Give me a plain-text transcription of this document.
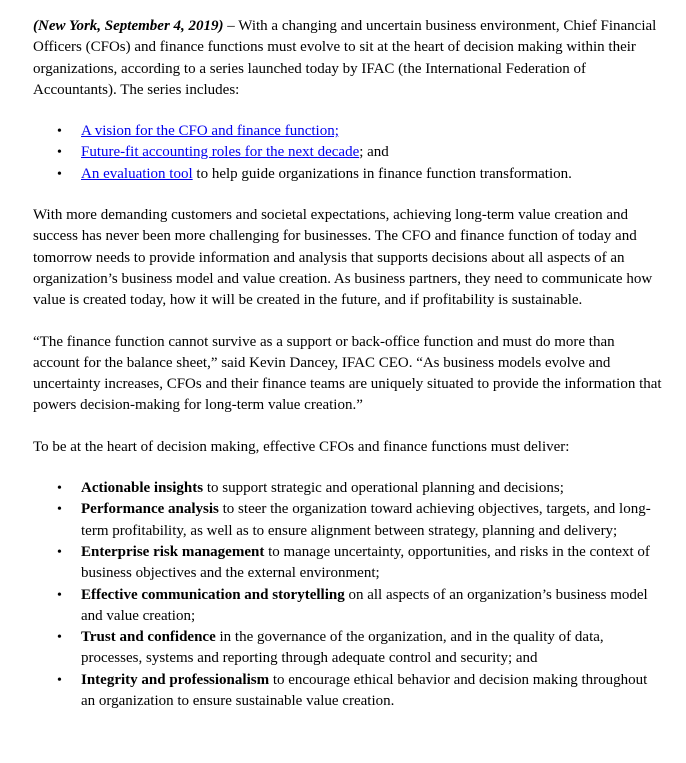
(New York, September 4, 2019) – With a changing and uncertain business environment, Chief Financial Officers (CFOs) and finance functions must evolve to sit at the heart of decision making within their organizations, according to a series launched today by IFAC (the International Federation of Accountants). The series includes:

• A vision for the CFO and finance function;
• Future-fit accounting roles for the next decade; and
• An evaluation tool to help guide organizations in finance function transformation.

With more demanding customers and societal expectations, achieving long-term value creation and success has never been more challenging for businesses. The CFO and finance function of today and tomorrow needs to provide information and analysis that supports decisions about all aspects of an organization’s business model and value creation. As business partners, they need to communicate how value is created today, how it will be created in the future, and if profitability is sustainable.

“The finance function cannot survive as a support or back-office function and must do more than account for the balance sheet,” said Kevin Dancey, IFAC CEO. “As business models evolve and uncertainty increases, CFOs and their finance teams are uniquely situated to provide the information that powers decision-making for long-term value creation.”

To be at the heart of decision making, effective CFOs and finance functions must deliver:

• Actionable insights to support strategic and operational planning and decisions;
• Performance analysis to steer the organization toward achieving objectives, targets, and long-term profitability, as well as to ensure alignment between strategy, planning and delivery;
• Enterprise risk management to manage uncertainty, opportunities, and risks in the context of business objectives and the external environment;
• Effective communication and storytelling on all aspects of an organization’s business model and value creation;
• Trust and confidence in the governance of the organization, and in the quality of data, processes, systems and reporting through adequate control and security; and
• Integrity and professionalism to encourage ethical behavior and decision making throughout an organization to ensure sustainable value creation.
